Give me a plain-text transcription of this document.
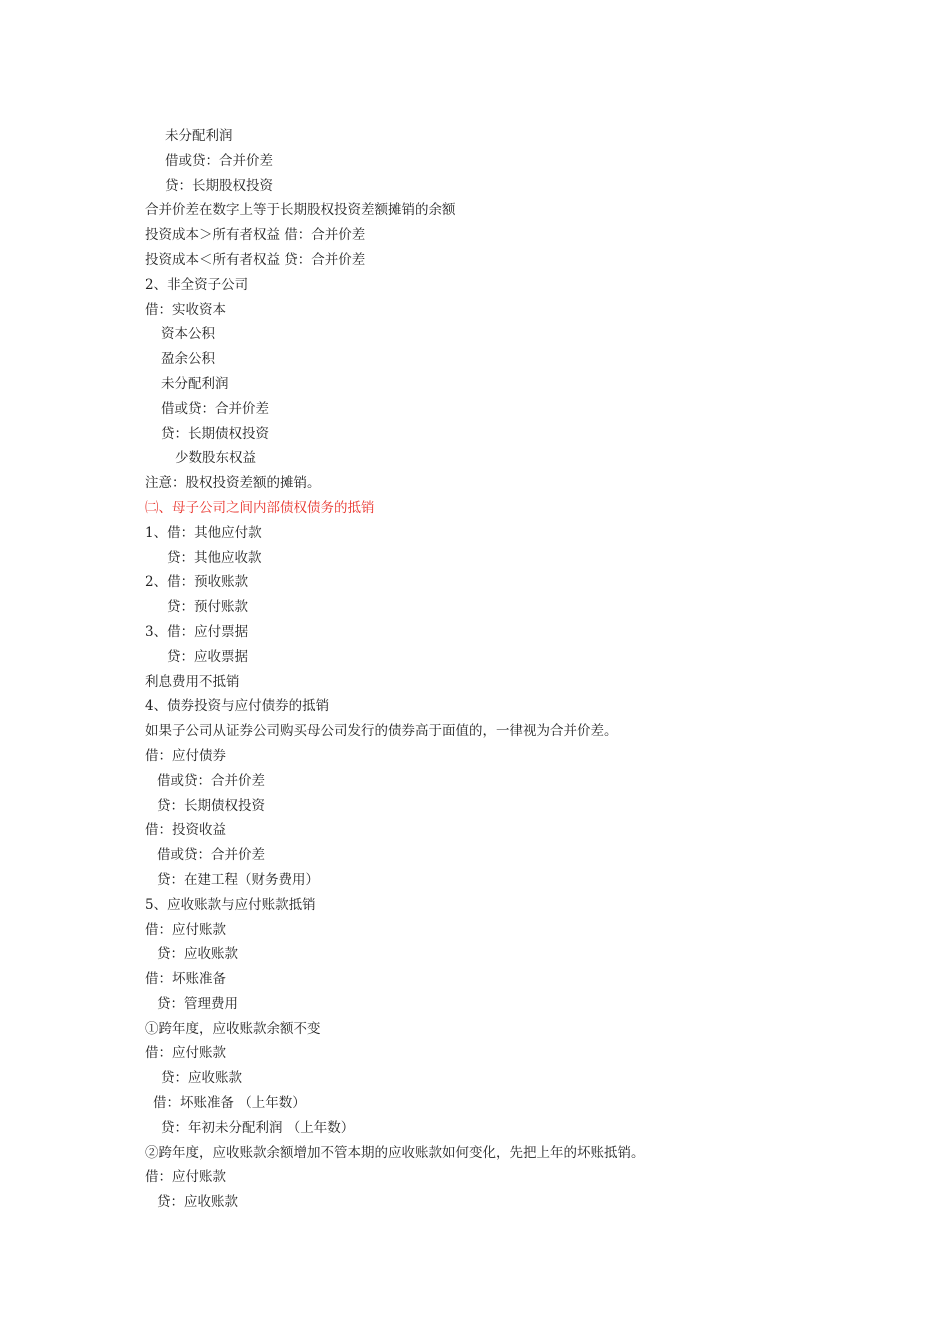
未分配利润
借或贷：合并价差
贷：长期股权投资
合并价差在数字上等于长期股权投资差额摊销的余额
投资成本＞所有者权益 借：合并价差
投资成本＜所有者权益 贷：合并价差
2、非全资子公司
借：实收资本
资本公积
盈余公积
未分配利润
借或贷：合并价差
贷：长期债权投资
少数股东权益
注意：股权投资差额的摊销。
㈡、母子公司之间内部债权债务的抵销
1、借：其他应付款
贷：其他应收款
2、借：预收账款
贷：预付账款
3、借：应付票据
贷：应收票据
利息费用不抵销
4、债券投资与应付债券的抵销
如果子公司从证券公司购买母公司发行的债券高于面值的，一律视为合并价差。
借：应付债券
借或贷：合并价差
贷：长期债权投资
借：投资收益
借或贷：合并价差
贷：在建工程（财务费用）
5、应收账款与应付账款抵销
借：应付账款
贷：应收账款
借：坏账准备
贷：管理费用
①跨年度，应收账款余额不变
借：应付账款
贷：应收账款
借：坏账准备 （上年数）
贷：年初未分配利润 （上年数）
②跨年度，应收账款余额增加不管本期的应收账款如何变化，先把上年的坏账抵销。
借：应付账款
贷：应收账款
